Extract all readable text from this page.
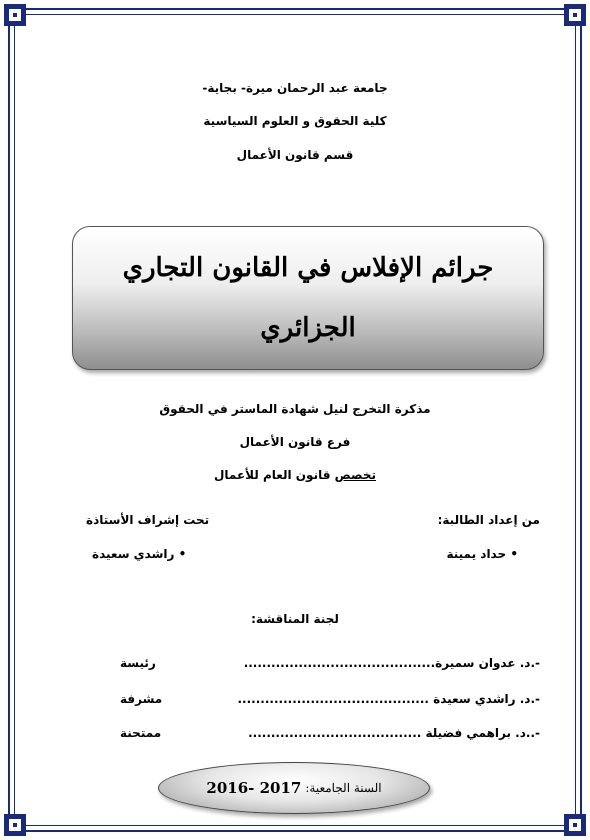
جامعة عبد الرحمان ميرة- بجاية-
كلية الحقوق و العلوم السياسية
قسم قانون الأعمال
جرائم الإفلاس في القانون التجاري
الجزائري
مذكرة التخرج لنيل شهادة الماستر في الحقوق
فرع قانون الأعمال
تخصص قانون العام للأعمال
من إعداد الطالبة:
تحت إشراف الأستاذة
• حداد يمينة
• راشدي سعيدة
لجنة المناقشة:
-.د. عدوان سميرة..........................................
رئيسة
-.د. راشدي سعيدة ..........................................
مشرفة
-..د. براهمي فضيلة ......................................
ممتحنة
السنة الجامعية:
2016- 2017
